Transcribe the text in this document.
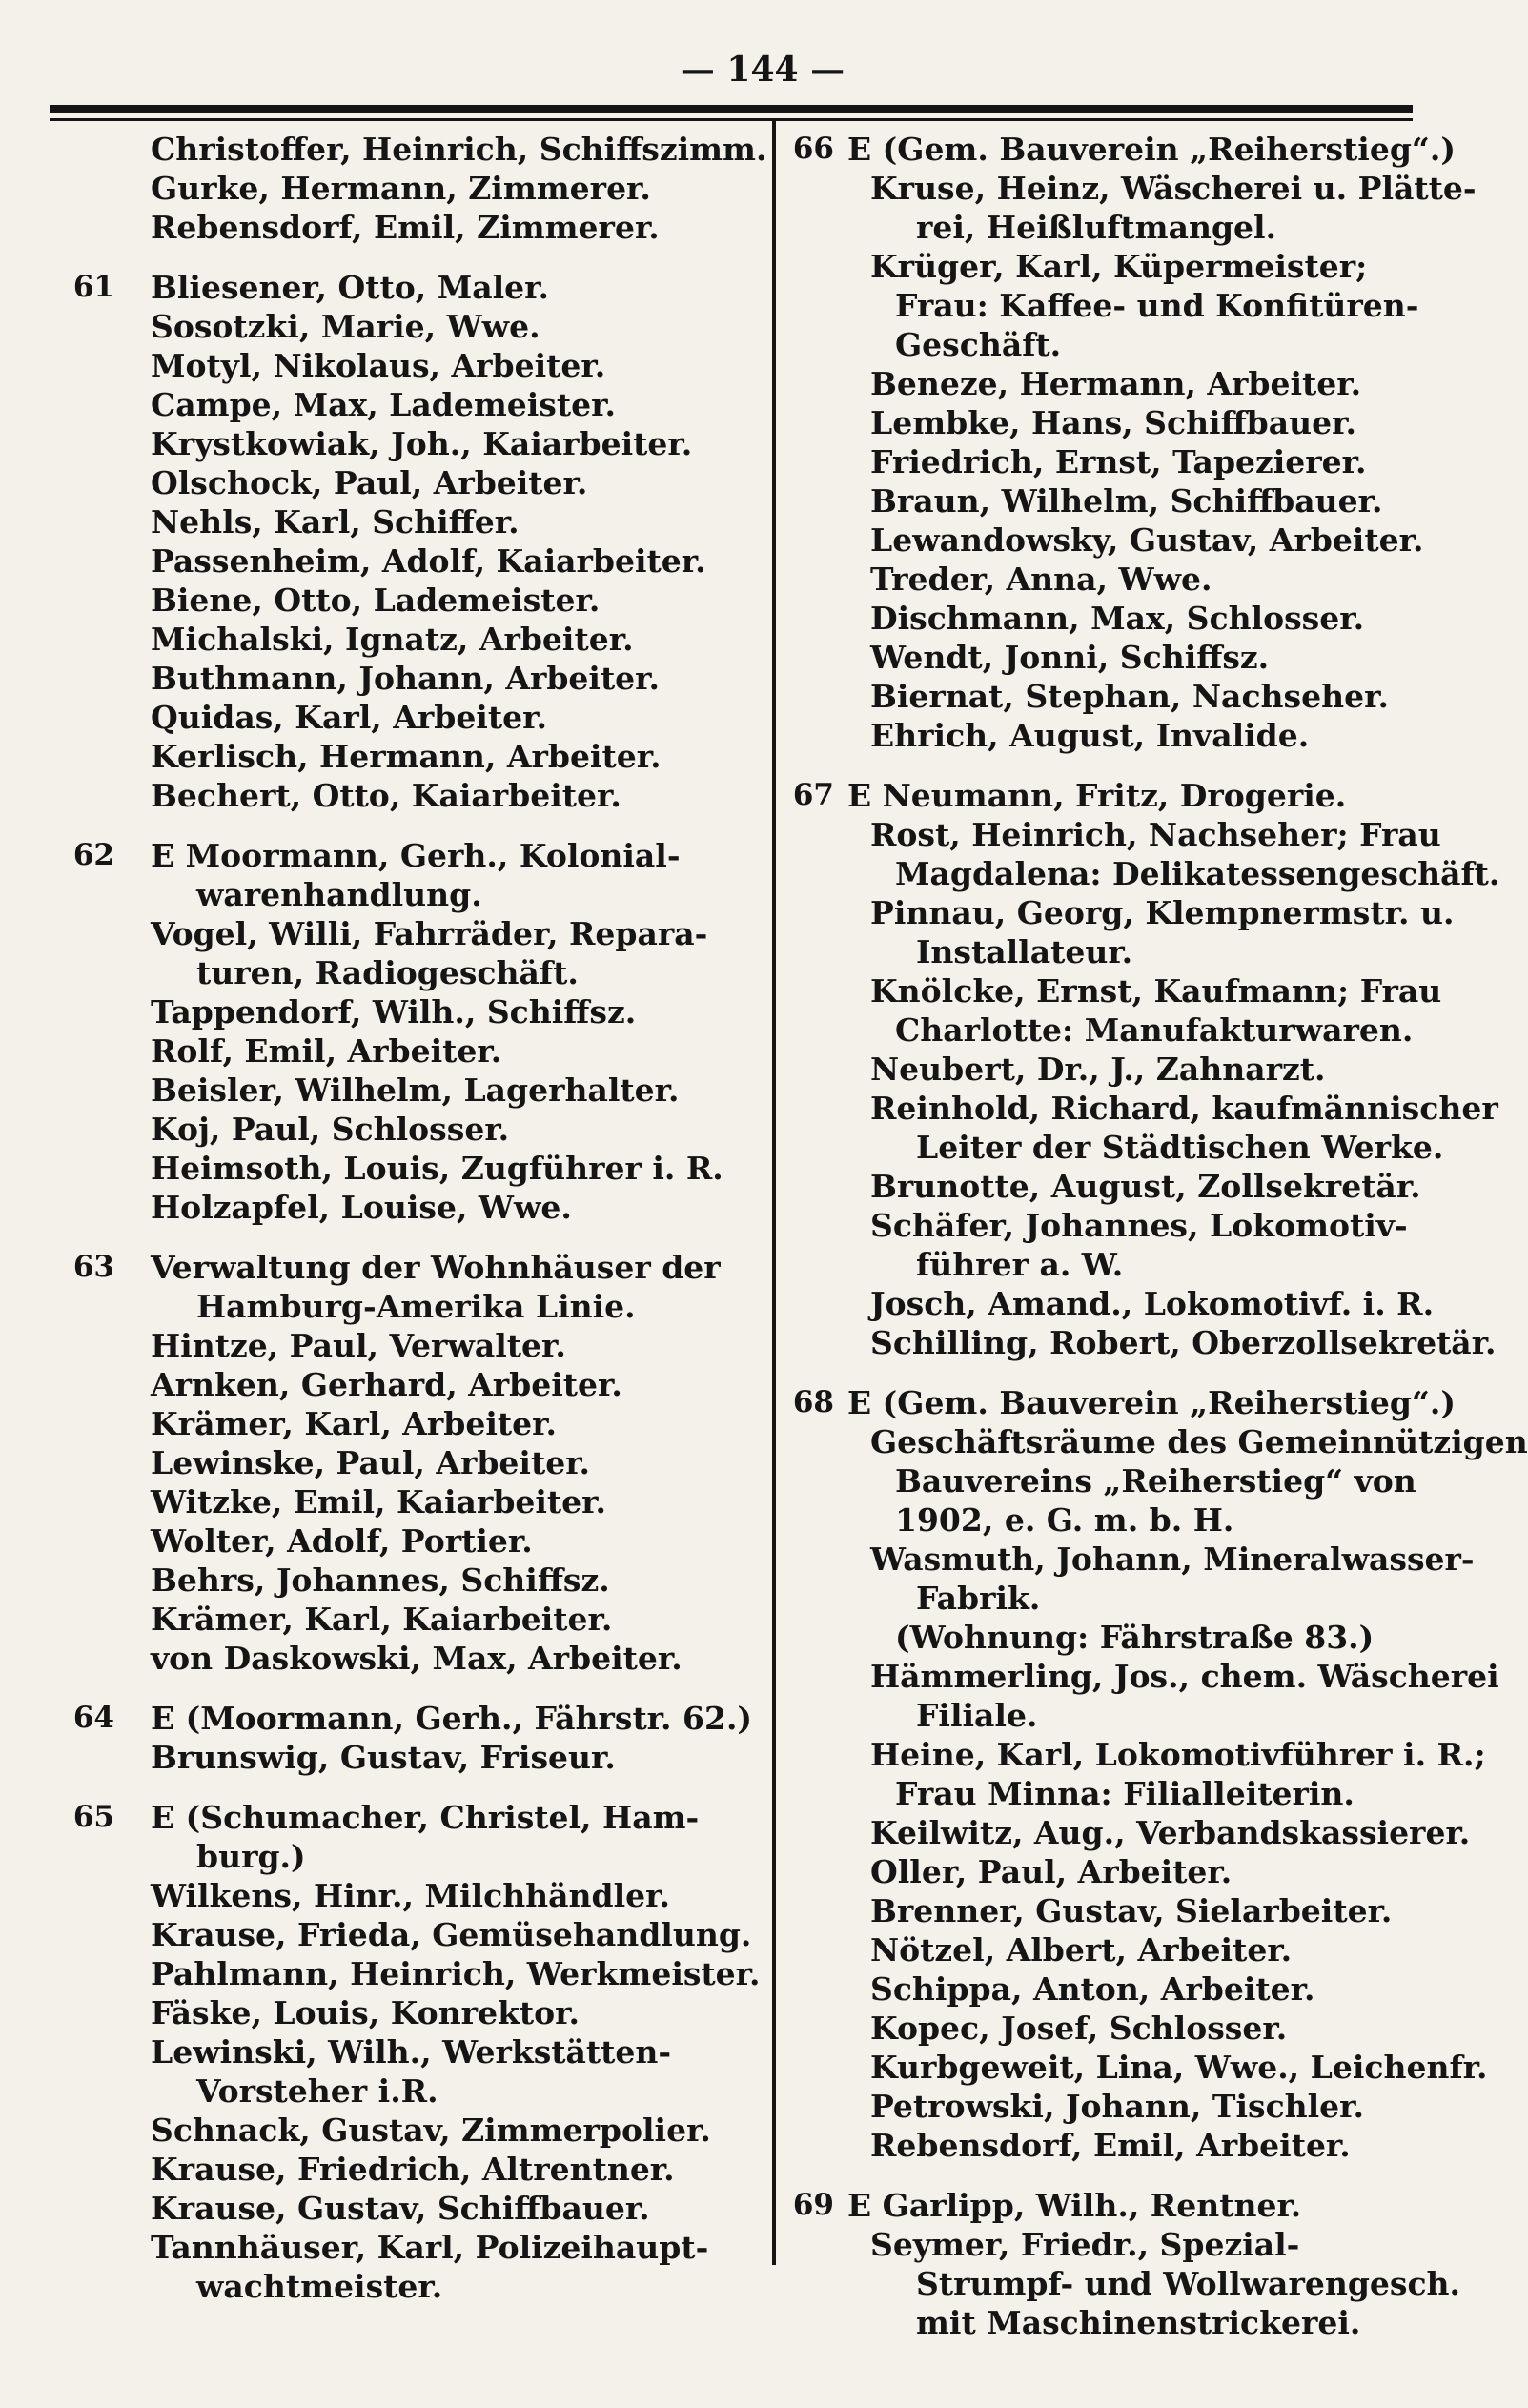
— 144 —
Christoffer, Heinrich, Schiffszimm.
Gurke, Hermann, Zimmerer.
Rebensdorf, Emil, Zimmerer.
61 Bliesener, Otto, Maler.
Sosotzki, Marie, Wwe.
Motyl, Nikolaus, Arbeiter.
Campe, Max, Lademeister.
Krystkowiak, Joh., Kaiarbeiter.
Olschock, Paul, Arbeiter.
Nehls, Karl, Schiffer.
Passenheim, Adolf, Kaiarbeiter.
Biene, Otto, Lademeister.
Michalski, Ignatz, Arbeiter.
Buthmann, Johann, Arbeiter.
Quidas, Karl, Arbeiter.
Kerlisch, Hermann, Arbeiter.
Bechert, Otto, Kaiarbeiter.
62 E Moormann, Gerh., Kolonial-
warenhandlung.
Vogel, Willi, Fahrräder, Repara-
turen, Radiogeschäft.
Tappendorf, Wilh., Schiffsz.
Rolf, Emil, Arbeiter.
Beisler, Wilhelm, Lagerhalter.
Koj, Paul, Schlosser.
Heimsoth, Louis, Zugführer i. R.
Holzapfel, Louise, Wwe.
63 Verwaltung der Wohnhäuser der
Hamburg-Amerika Linie.
Hintze, Paul, Verwalter.
Arnken, Gerhard, Arbeiter.
Krämer, Karl, Arbeiter.
Lewinske, Paul, Arbeiter.
Witzke, Emil, Kaiarbeiter.
Wolter, Adolf, Portier.
Behrs, Johannes, Schiffsz.
Krämer, Karl, Kaiarbeiter.
von Daskowski, Max, Arbeiter.
64 E (Moormann, Gerh., Fährstr. 62.)
Brunswig, Gustav, Friseur.
65 E (Schumacher, Christel, Ham-
burg.)
Wilkens, Hinr., Milchhändler.
Krause, Frieda, Gemüsehandlung.
Pahlmann, Heinrich, Werkmeister.
Fäske, Louis, Konrektor.
Lewinski, Wilh., Werkstätten-
Vorsteher i.R.
Schnack, Gustav, Zimmerpolier.
Krause, Friedrich, Altrentner.
Krause, Gustav, Schiffbauer.
Tannhäuser, Karl, Polizeihaupt-
wachtmeister.
66 E (Gem. Bauverein „Reiherstieg“.)
Kruse, Heinz, Wäscherei u. Plätte-
rei, Heißluftmangel.
Krüger, Karl, Küpermeister;
Frau: Kaffee- und Konfitüren-
Geschäft.
Beneze, Hermann, Arbeiter.
Lembke, Hans, Schiffbauer.
Friedrich, Ernst, Tapezierer.
Braun, Wilhelm, Schiffbauer.
Lewandowsky, Gustav, Arbeiter.
Treder, Anna, Wwe.
Dischmann, Max, Schlosser.
Wendt, Jonni, Schiffsz.
Biernat, Stephan, Nachseher.
Ehrich, August, Invalide.
67 E Neumann, Fritz, Drogerie.
Rost, Heinrich, Nachseher; Frau
Magdalena: Delikatessengeschäft.
Pinnau, Georg, Klempnermstr. u.
Installateur.
Knölcke, Ernst, Kaufmann; Frau
Charlotte: Manufakturwaren.
Neubert, Dr., J., Zahnarzt.
Reinhold, Richard, kaufmännischer
Leiter der Städtischen Werke.
Brunotte, August, Zollsekretär.
Schäfer, Johannes, Lokomotiv-
führer a. W.
Josch, Amand., Lokomotivf. i. R.
Schilling, Robert, Oberzollsekretär.
68 E (Gem. Bauverein „Reiherstieg“.)
Geschäftsräume des Gemeinnützigen
Bauvereins „Reiherstieg“ von
1902, e. G. m. b. H.
Wasmuth, Johann, Mineralwasser-
Fabrik.
(Wohnung: Fährstraße 83.)
Hämmerling, Jos., chem. Wäscherei
Filiale.
Heine, Karl, Lokomotivführer i. R.;
Frau Minna: Filialleiterin.
Keilwitz, Aug., Verbandskassierer.
Oller, Paul, Arbeiter.
Brenner, Gustav, Sielarbeiter.
Nötzel, Albert, Arbeiter.
Schippa, Anton, Arbeiter.
Kopec, Josef, Schlosser.
Kurbgeweit, Lina, Wwe., Leichenfr.
Petrowski, Johann, Tischler.
Rebensdorf, Emil, Arbeiter.
69 E Garlipp, Wilh., Rentner.
Seymer, Friedr., Spezial-
Strumpf- und Wollwarengesch.
mit Maschinenstrickerei.
